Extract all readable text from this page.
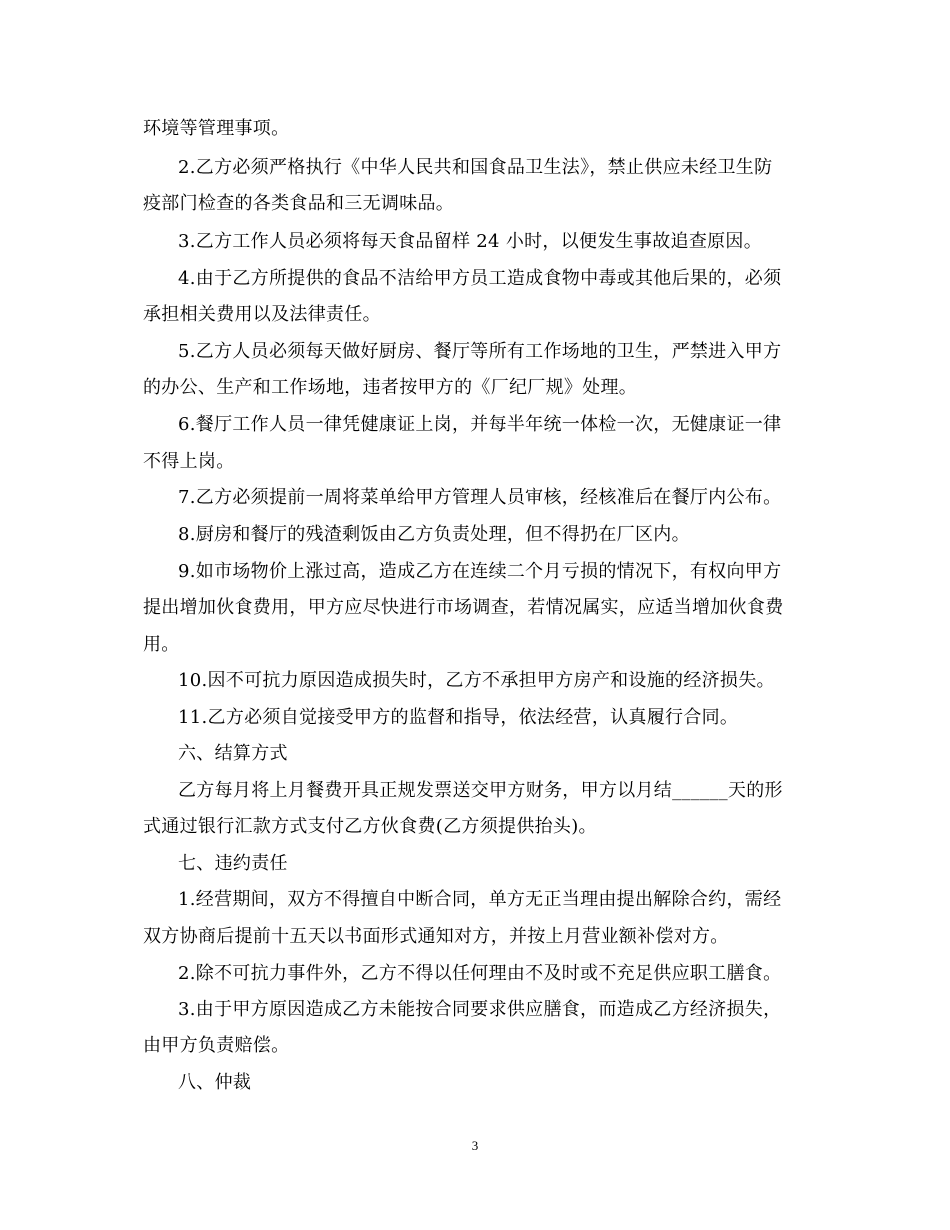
环境等管理事项。
2.乙方必须严格执行《中华人民共和国食品卫生法》，禁止供应未经卫生防
疫部门检查的各类食品和三无调味品。
3.乙方工作人员必须将每天食品留样 24 小时，以便发生事故追查原因。
4.由于乙方所提供的食品不洁给甲方员工造成食物中毒或其他后果的，必须
承担相关费用以及法律责任。
5.乙方人员必须每天做好厨房、餐厅等所有工作场地的卫生，严禁进入甲方
的办公、生产和工作场地，违者按甲方的《厂纪厂规》处理。
6.餐厅工作人员一律凭健康证上岗，并每半年统一体检一次，无健康证一律
不得上岗。
7.乙方必须提前一周将菜单给甲方管理人员审核，经核准后在餐厅内公布。
8.厨房和餐厅的残渣剩饭由乙方负责处理，但不得扔在厂区内。
9.如市场物价上涨过高，造成乙方在连续二个月亏损的情况下，有权向甲方
提出增加伙食费用，甲方应尽快进行市场调查，若情况属实，应适当增加伙食费
用。
10.因不可抗力原因造成损失时，乙方不承担甲方房产和设施的经济损失。
11.乙方必须自觉接受甲方的监督和指导，依法经营，认真履行合同。
六、结算方式
乙方每月将上月餐费开具正规发票送交甲方财务，甲方以月结______天的形
式通过银行汇款方式支付乙方伙食费(乙方须提供抬头)。
七、违约责任
1.经营期间，双方不得擅自中断合同，单方无正当理由提出解除合约，需经
双方协商后提前十五天以书面形式通知对方，并按上月营业额补偿对方。
2.除不可抗力事件外，乙方不得以任何理由不及时或不充足供应职工膳食。
3.由于甲方原因造成乙方未能按合同要求供应膳食，而造成乙方经济损失，
由甲方负责赔偿。
八、仲裁
3
